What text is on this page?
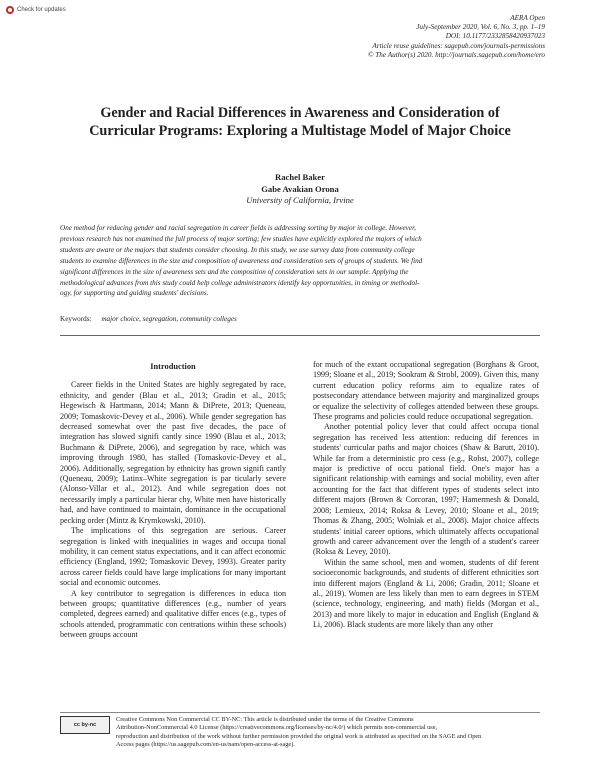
Check for updates
AERA Open
July-September 2020, Vol. 6, No. 3, pp. 1–19
DOI: 10.1177/2332858420937023
Article reuse guidelines: sagepub.com/journals-permissions
© The Author(s) 2020. http://journals.sagepub.com/home/ero
Gender and Racial Differences in Awareness and Consideration of
Curricular Programs: Exploring a Multistage Model of Major Choice
Rachel Baker
Gabe Avakian Orona
University of California, Irvine
One method for reducing gender and racial segregation in career fields is addressing sorting by major in college. However,
previous research has not examined the full process of major sorting; few studies have explicitly explored the majors of which
students are aware or the majors that students consider choosing. In this study, we use survey data from community college
students to examine differences in the size and composition of awareness and consideration sets of groups of students. We find
significant differences in the size of awareness sets and the composition of consideration sets in our sample. Applying the
methodological advances from this study could help college administrators identify key opportunities, in timing or methodol-
ogy, for supporting and guiding students' decisions.
Keywords: major choice, segregation, community colleges
Introduction

Career fields in the United States are highly segregated by race, ethnicity, and gender (Blau et al., 2013; Gradin et al., 2015; Hegewisch & Hartmann, 2014; Mann & DiPrete, 2013; Queneau, 2009; Tomaskovic-Devey et al., 2006). While gender segregation has decreased somewhat over the past five decades, the pace of integration has slowed signifi cantly since 1990 (Blau et al., 2013; Buchmann & DiPrete, 2006), and segregation by race, which was improving through 1980, has stalled (Tomaskovic-Devey et al., 2006). Additionally, segregation by ethnicity has grown signifi cantly (Queneau, 2009); Latinx–White segregation is par ticularly severe (Alonso-Villar et al., 2012). And while segregation does not necessarily imply a particular hierar chy, White men have historically had, and have continued to maintain, dominance in the occupational pecking order (Mintz & Krymkowski, 2010).

The implications of this segregation are serious. Career segregation is linked with inequalities in wages and occupa tional mobility, it can cement status expectations, and it can affect economic efficiency (England, 1992; Tomaskovic Devey, 1993). Greater parity across career fields could have large implications for many important social and economic outcomes.

A key contributor to segregation is differences in educa tion between groups; quantitative differences (e.g., number of years completed, degrees earned) and qualitative differ ences (e.g., types of schools attended, programmatic con centrations within these schools) between groups account

for much of the extant occupational segregation (Borghans & Groot, 1999; Sloane et al., 2019; Sookram & Strobl, 2009). Given this, many current education policy reforms aim to equalize rates of postsecondary attendance between majority and marginalized groups or equalize the selectivity of colleges attended between these groups. These programs and policies could reduce occupational segregation.

Another potential policy lever that could affect occupa tional segregation has received less attention: reducing dif ferences in students' curricular paths and major choices (Shaw & Barutt, 2010). While far from a deterministic pro cess (e.g., Robst, 2007), college major is predictive of occu pational field. One's major has a significant relationship with earnings and social mobility, even after accounting for the fact that different types of students select into different majors (Brown & Corcoran, 1997; Hamermesh & Donald, 2008; Lemieux, 2014; Roksa & Levey, 2010; Sloane et al., 2019; Thomas & Zhang, 2005; Wolniak et al., 2008). Major choice affects students' initial career options, which ultimately affects occupational growth and career advancement over the length of a student's career (Roksa & Levey, 2010).

Within the same school, men and women, students of dif ferent socioeconomic backgrounds, and students of different ethnicities sort into different majors (England & Li, 2006; Gradin, 2011; Sloane et al., 2019). Women are less likely than men to earn degrees in STEM (science, technology, engineering, and math) fields (Morgan et al., 2013) and more likely to major in education and English (England & Li, 2006). Black students are more likely than any other

cc by-nc
Creative Commons Non Commercial CC BY-NC: This article is distributed under the terms of the Creative Commons
Attribution-NonCommercial 4.0 License (https://creativecommons.org/licenses/by-nc/4.0/) which permits non-commercial use,
reproduction and distribution of the work without further permission provided the original work is attributed as specified on the SAGE and Open
Access pages (https://us.sagepub.com/en-us/nam/open-access-at-sage).
